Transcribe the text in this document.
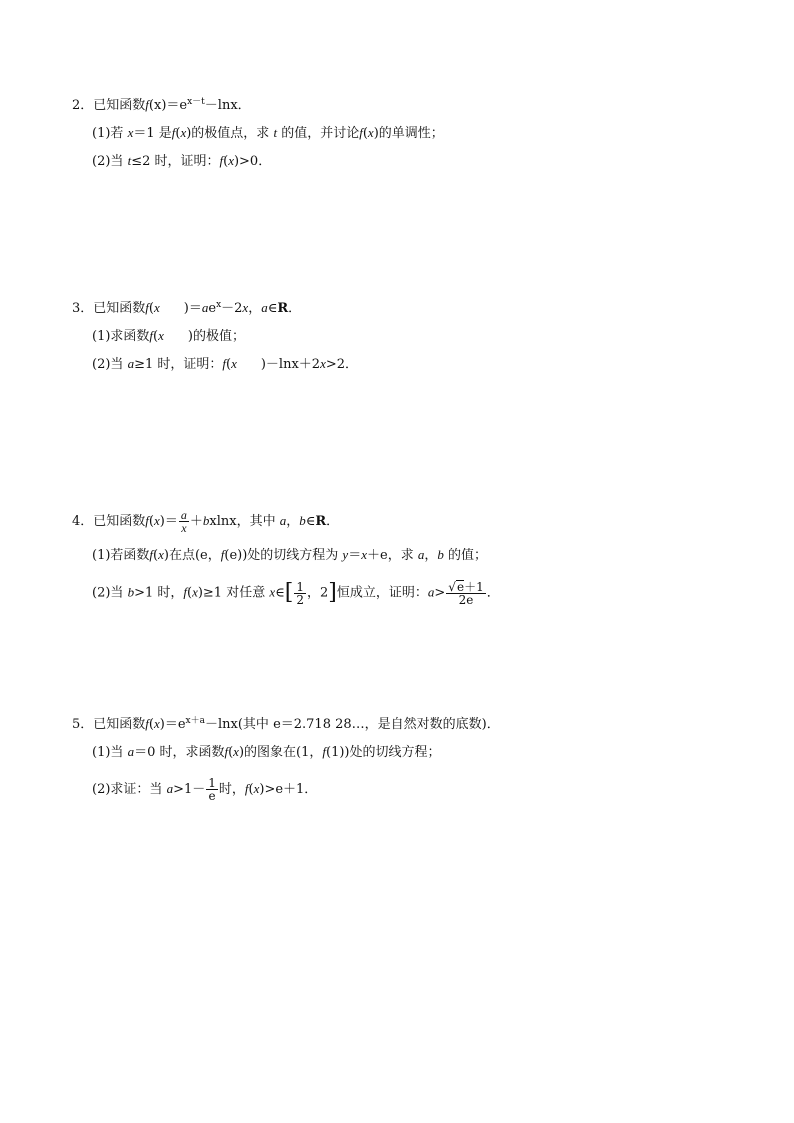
2．已知函数$f(x)=e^{x-t}-\ln x$．
(1)若 x＝1 是f(x)的极值点，求 t 的值，并讨论f(x)的单调性；
(2)当 t≤2 时，证明：f(x)>0．
3．已知函数f(x )$=ae^x-2x$，a∈R．
(1)求函数f(x )的极值；
(2)当 a≥1 时，证明：f(x )－lnx＋2x>2．
4．已知函数$f(x)= \frac{a}{x} +bxlnx$，其中 a，b∈R．
(1)若函数f(x)在点(e，f(e))处的切线方程为 y＝x＋e，求 a，b 的值；
(2)当 b>1 时，f(x)≥1 对任意 x∈[ $\frac{1}{2}$ ，2]恒成立，证明：$a> \frac{√e+1}{2e}$ ．
5．已知函数$f(x)=e^{x+a}-\ln x$(其中 e＝2.718 28…，是自然对数的底数)．
(1)当 a＝0 时，求函数f(x)的图象在(1，f(1))处的切线方程；
(2)求证：当 $a>1- \frac{1}{e}$ 时，f(x)>e＋1．
